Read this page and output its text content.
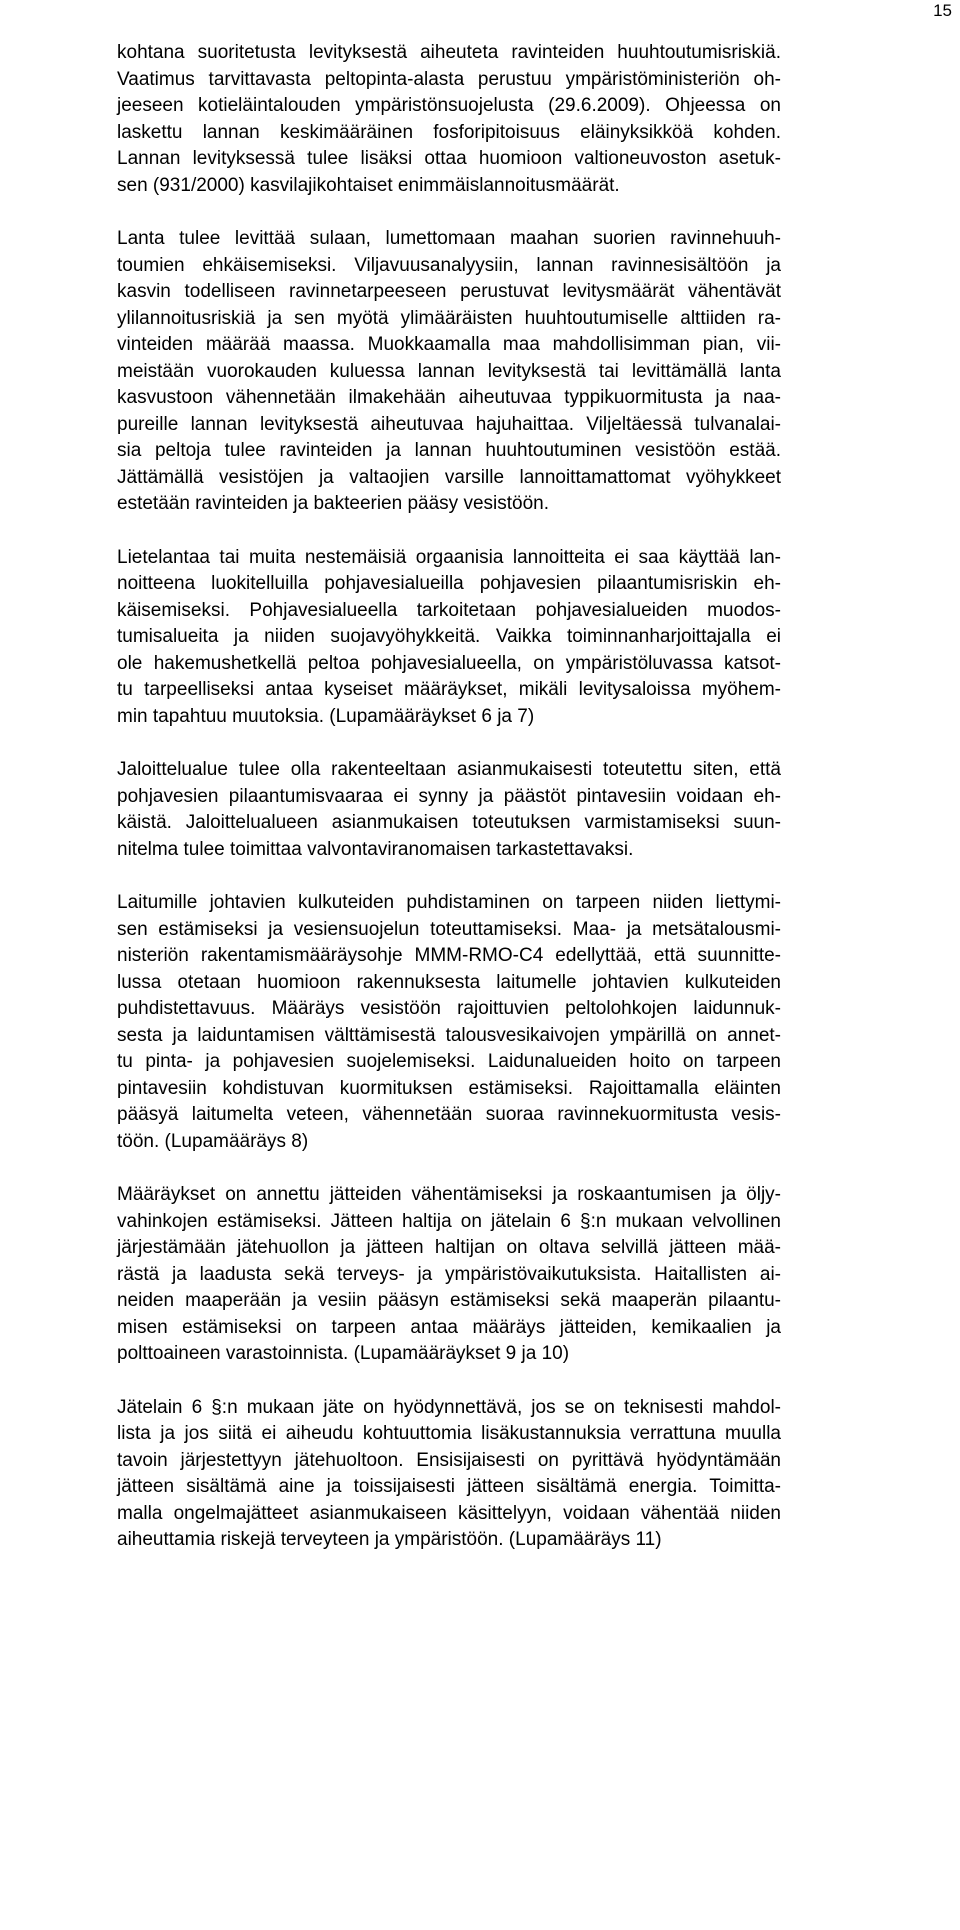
15

kohtana suoritetusta levityksestä aiheuteta ravinteiden huuhtoutumisriskiä.
Vaatimus tarvittavasta peltopinta-alasta perustuu ympäristöministeriön oh-
jeeseen kotieläintalouden ympäristönsuojelusta (29.6.2009). Ohjeessa on
laskettu lannan keskimääräinen fosforipitoisuus eläinyksikköä kohden.
Lannan levityksessä tulee lisäksi ottaa huomioon valtioneuvoston asetuk-
sen (931/2000) kasvilajikohtaiset enimmäislannoitusmäärät.

Lanta tulee levittää sulaan, lumettomaan maahan suorien ravinnehuuh-
toumien ehkäisemiseksi. Viljavuusanalyysiin, lannan ravinnesisältöön ja
kasvin todelliseen ravinnetarpeeseen perustuvat levitysmäärät vähentävät
ylilannoitusriskiä ja sen myötä ylimääräisten huuhtoutumiselle alttiiden ra-
vinteiden määrää maassa. Muokkaamalla maa mahdollisimman pian, vii-
meistään vuorokauden kuluessa lannan levityksestä tai levittämällä lanta
kasvustoon vähennetään ilmakehään aiheutuvaa typpikuormitusta ja naa-
pureille lannan levityksestä aiheutuvaa hajuhaittaa. Viljeltäessä tulvanalai-
sia peltoja tulee ravinteiden ja lannan huuhtoutuminen vesistöön estää.
Jättämällä vesistöjen ja valtaojien varsille lannoittamattomat vyöhykkeet
estetään ravinteiden ja bakteerien pääsy vesistöön.

Lietelantaa tai muita nestemäisiä orgaanisia lannoitteita ei saa käyttää lan-
noitteena luokitelluilla pohjavesialueilla pohjavesien pilaantumisriskin eh-
käisemiseksi. Pohjavesialueella tarkoitetaan pohjavesialueiden muodos-
tumisalueita ja niiden suojavyöhykkeitä. Vaikka toiminnanharjoittajalla ei
ole hakemushetkellä peltoa pohjavesialueella, on ympäristöluvassa katsot-
tu tarpeelliseksi antaa kyseiset määräykset, mikäli levitysaloissa myöhem-
min tapahtuu muutoksia. (Lupamääräykset 6 ja 7)

Jaloittelualue tulee olla rakenteeltaan asianmukaisesti toteutettu siten, että
pohjavesien pilaantumisvaaraa ei synny ja päästöt pintavesiin voidaan eh-
käistä. Jaloittelualueen asianmukaisen toteutuksen varmistamiseksi suun-
nitelma tulee toimittaa valvontaviranomaisen tarkastettavaksi.

Laitumille johtavien kulkuteiden puhdistaminen on tarpeen niiden liettymi-
sen estämiseksi ja vesiensuojelun toteuttamiseksi. Maa- ja metsätalousmi-
nisteriön rakentamismääräysohje MMM-RMO-C4 edellyttää, että suunnitte-
lussa otetaan huomioon rakennuksesta laitumelle johtavien kulkuteiden
puhdistettavuus. Määräys vesistöön rajoittuvien peltolohkojen laidunnuk-
sesta ja laiduntamisen välttämisestä talousvesikaivojen ympärillä on annet-
tu pinta- ja pohjavesien suojelemiseksi. Laidunalueiden hoito on tarpeen
pintavesiin kohdistuvan kuormituksen estämiseksi. Rajoittamalla eläinten
pääsyä laitumelta veteen, vähennetään suoraa ravinnekuormitusta vesis-
töön. (Lupamääräys 8)

Määräykset on annettu jätteiden vähentämiseksi ja roskaantumisen ja öljy-
vahinkojen estämiseksi. Jätteen haltija on jätelain 6 §:n mukaan velvollinen
järjestämään jätehuollon ja jätteen haltijan on oltava selvillä jätteen mää-
rästä ja laadusta sekä terveys- ja ympäristövaikutuksista. Haitallisten ai-
neiden maaperään ja vesiin pääsyn estämiseksi sekä maaperän pilaantu-
misen estämiseksi on tarpeen antaa määräys jätteiden, kemikaalien ja
polttoaineen varastoinnista. (Lupamääräykset 9 ja 10)

Jätelain 6 §:n mukaan jäte on hyödynnettävä, jos se on teknisesti mahdol-
lista ja jos siitä ei aiheudu kohtuuttomia lisäkustannuksia verrattuna muulla
tavoin järjestettyyn jätehuoltoon. Ensisijaisesti on pyrittävä hyödyntämään
jätteen sisältämä aine ja toissijaisesti jätteen sisältämä energia. Toimitta-
malla ongelmajätteet asianmukaiseen käsittelyyn, voidaan vähentää niiden
aiheuttamia riskejä terveyteen ja ympäristöön. (Lupamääräys 11)
